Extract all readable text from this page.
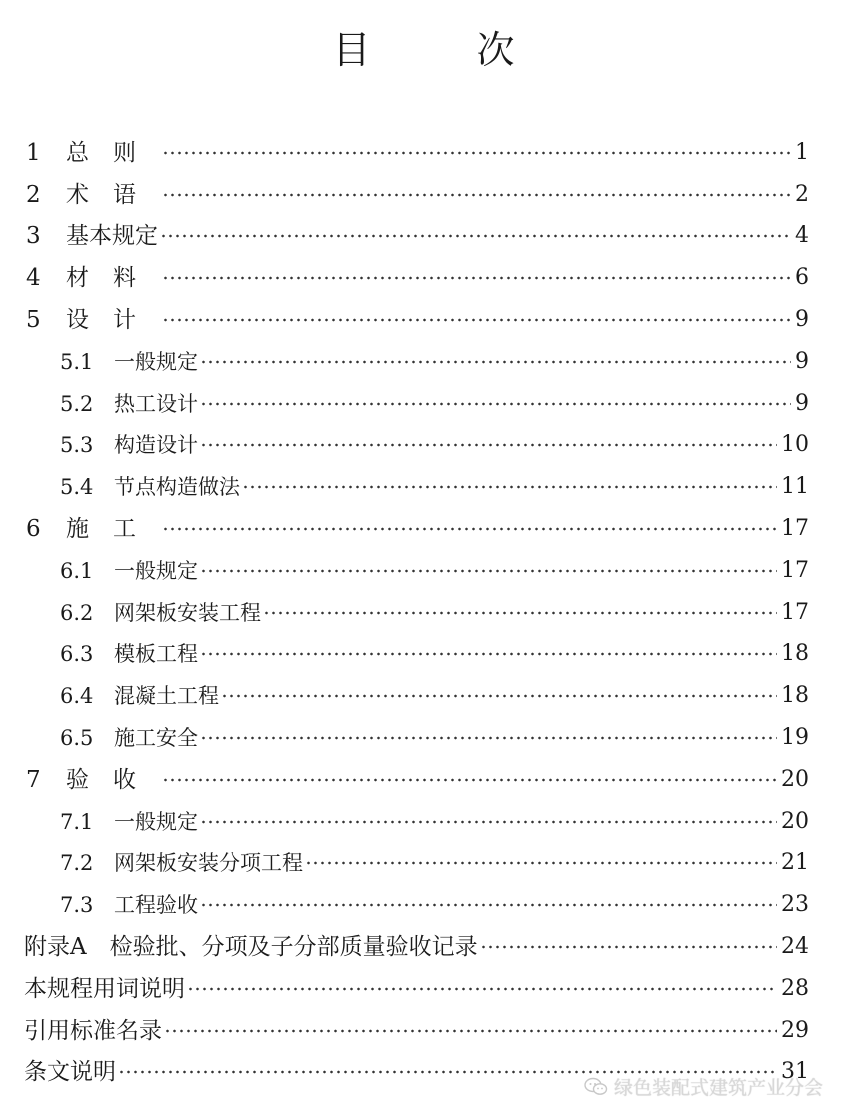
目　次
1	总则	1
2	术语	2
3	基本规定	4
4	材料	6
5	设计	9
5.1 一般规定	9
5.2 热工设计	9
5.3 构造设计	10
5.4 节点构造做法	11
6	施工	17
6.1 一般规定	17
6.2 网架板安装工程	17
6.3 模板工程	18
6.4 混凝土工程	18
6.5 施工安全	19
7	验收	20
7.1 一般规定	20
7.2 网架板安装分项工程	21
7.3 工程验收	23
附录A　检验批、分项及子分部质量验收记录	24
本规程用词说明	28
引用标准名录	29
条文说明	31
绿色装配式建筑产业分会
